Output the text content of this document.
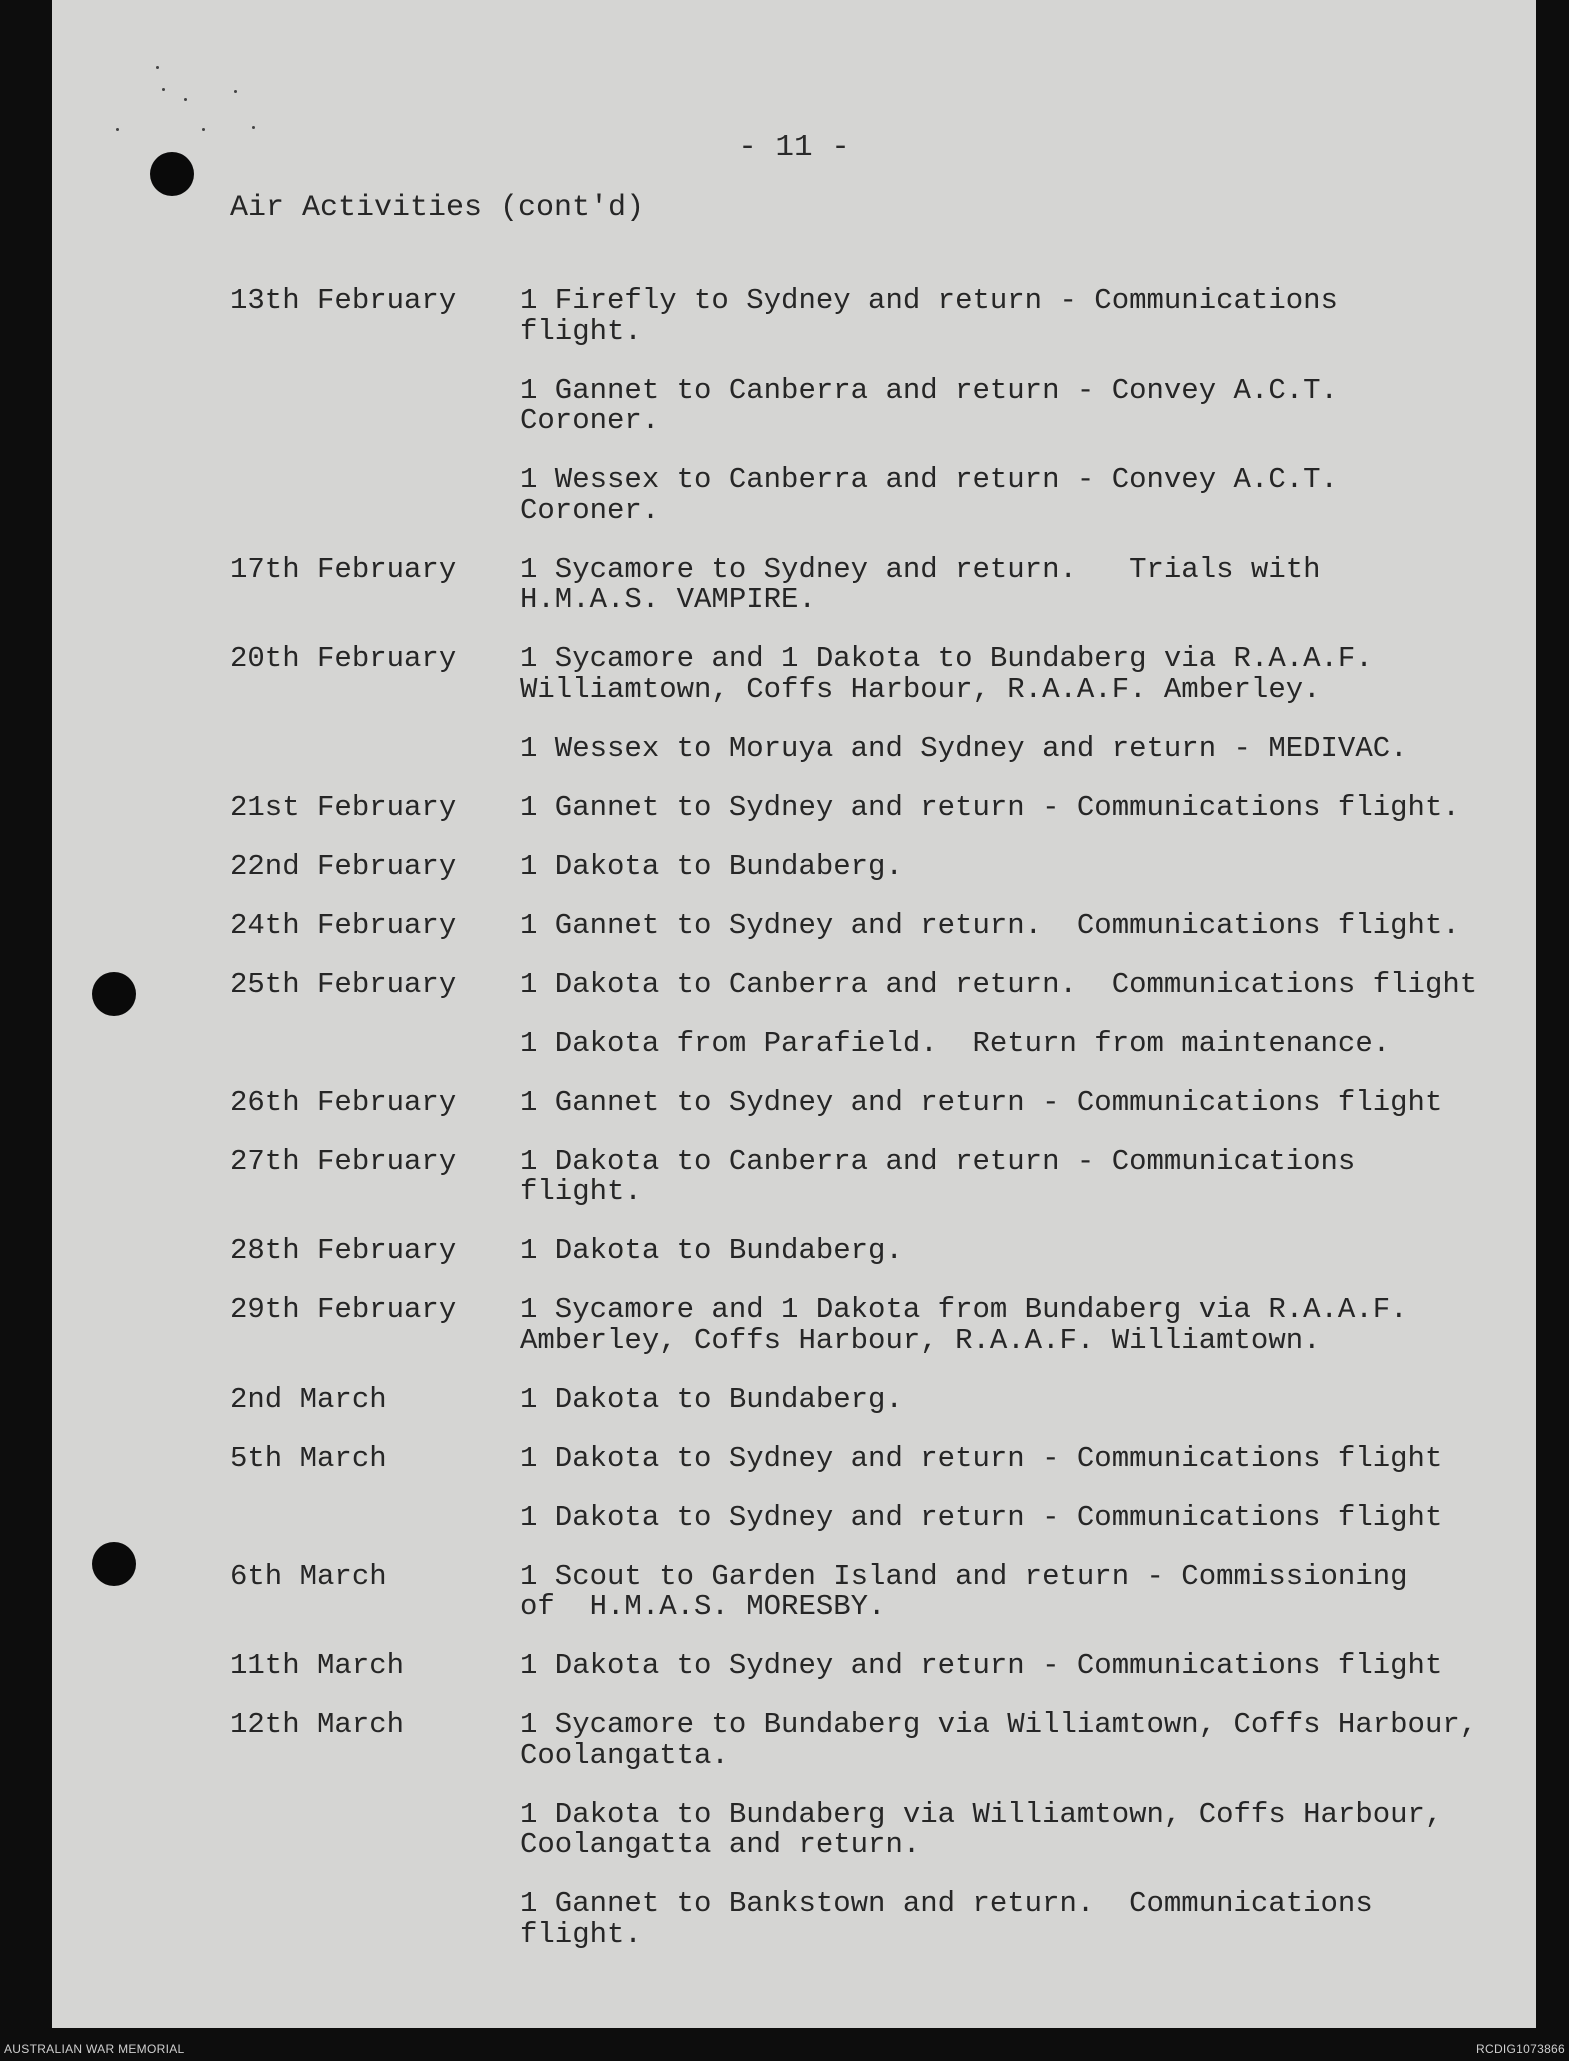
- 11 -
Air Activities (cont'd)
13th February	1 Firefly to Sydney and return - Communications
flight.
1 Gannet to Canberra and return - Convey A.C.T.
Coroner.
1 Wessex to Canberra and return - Convey A.C.T.
Coroner.
17th February	1 Sycamore to Sydney and return.   Trials with
H.M.A.S. VAMPIRE.
20th February	1 Sycamore and 1 Dakota to Bundaberg via R.A.A.F.
Williamtown, Coffs Harbour, R.A.A.F. Amberley.
1 Wessex to Moruya and Sydney and return - MEDIVAC.
21st February	1 Gannet to Sydney and return - Communications flight.
22nd February	1 Dakota to Bundaberg.
24th February	1 Gannet to Sydney and return.  Communications flight.
25th February	1 Dakota to Canberra and return.  Communications flight
1 Dakota from Parafield.  Return from maintenance.
26th February	1 Gannet to Sydney and return - Communications flight
27th February	1 Dakota to Canberra and return - Communications
flight.
28th February	1 Dakota to Bundaberg.
29th February	1 Sycamore and 1 Dakota from Bundaberg via R.A.A.F.
Amberley, Coffs Harbour, R.A.A.F. Williamtown.
2nd March	1 Dakota to Bundaberg.
5th March	1 Dakota to Sydney and return - Communications flight
1 Dakota to Sydney and return - Communications flight
6th March	1 Scout to Garden Island and return - Commissioning
of  H.M.A.S. MORESBY.
11th March	1 Dakota to Sydney and return - Communications flight
12th March	1 Sycamore to Bundaberg via Williamtown, Coffs Harbour,
Coolangatta.
1 Dakota to Bundaberg via Williamtown, Coffs Harbour,
Coolangatta and return.
1 Gannet to Bankstown and return.  Communications
flight.
AUSTRALIAN WAR MEMORIAL	RCDIG1073866
